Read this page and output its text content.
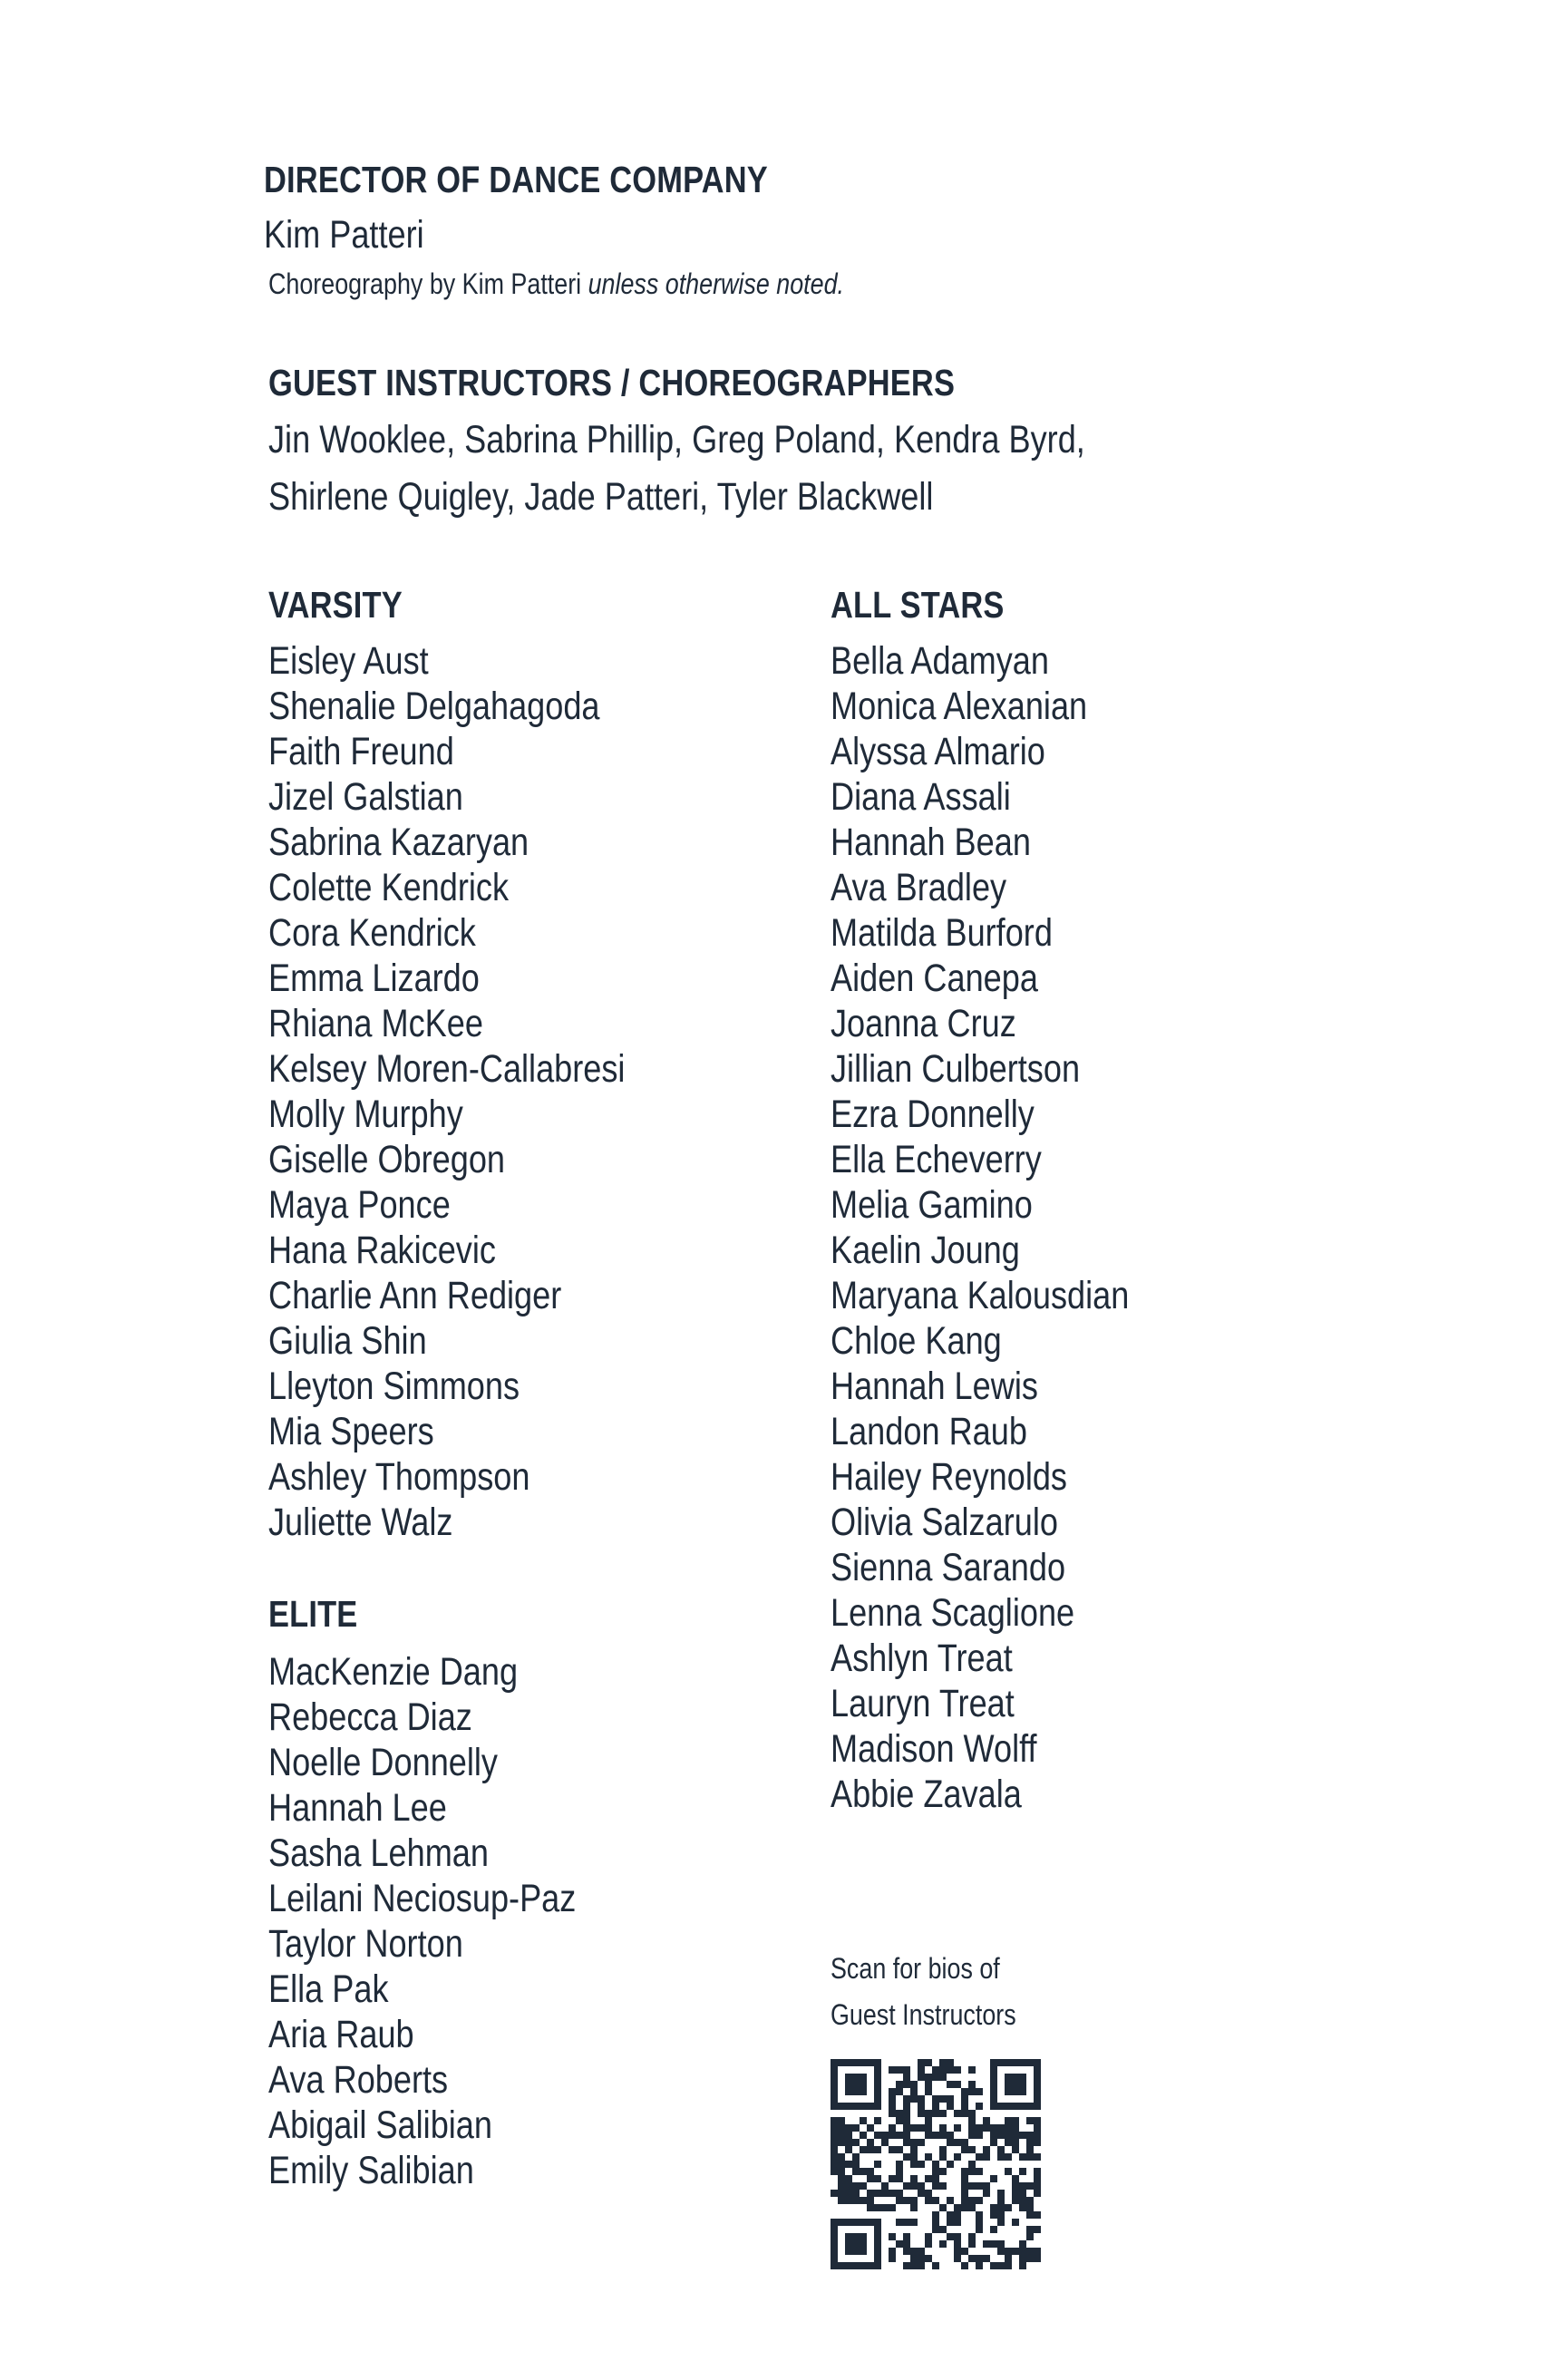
DIRECTOR OF DANCE COMPANY
Kim Patteri
Choreography by Kim Patteri unless otherwise noted.
GUEST INSTRUCTORS / CHOREOGRAPHERS
Jin Wooklee, Sabrina Phillip, Greg Poland, Kendra Byrd,
Shirlene Quigley, Jade Patteri, Tyler Blackwell
VARSITY
Eisley Aust
Shenalie Delgahagoda
Faith Freund
Jizel Galstian
Sabrina Kazaryan
Colette Kendrick
Cora Kendrick
Emma Lizardo
Rhiana McKee
Kelsey Moren-Callabresi
Molly Murphy
Giselle Obregon
Maya Ponce
Hana Rakicevic
Charlie Ann Rediger
Giulia Shin
Lleyton Simmons
Mia Speers
Ashley Thompson
Juliette Walz
ELITE
MacKenzie Dang
Rebecca Diaz
Noelle Donnelly
Hannah Lee
Sasha Lehman
Leilani Neciosup-Paz
Taylor Norton
Ella Pak
Aria Raub
Ava Roberts
Abigail Salibian
Emily Salibian
ALL STARS
Bella Adamyan
Monica Alexanian
Alyssa Almario
Diana Assali
Hannah Bean
Ava Bradley
Matilda Burford
Aiden Canepa
Joanna Cruz
Jillian Culbertson
Ezra Donnelly
Ella Echeverry
Melia Gamino
Kaelin Joung
Maryana Kalousdian
Chloe Kang
Hannah Lewis
Landon Raub
Hailey Reynolds
Olivia Salzarulo
Sienna Sarando
Lenna Scaglione
Ashlyn Treat
Lauryn Treat
Madison Wolff
Abbie Zavala
Scan for bios of
Guest Instructors
